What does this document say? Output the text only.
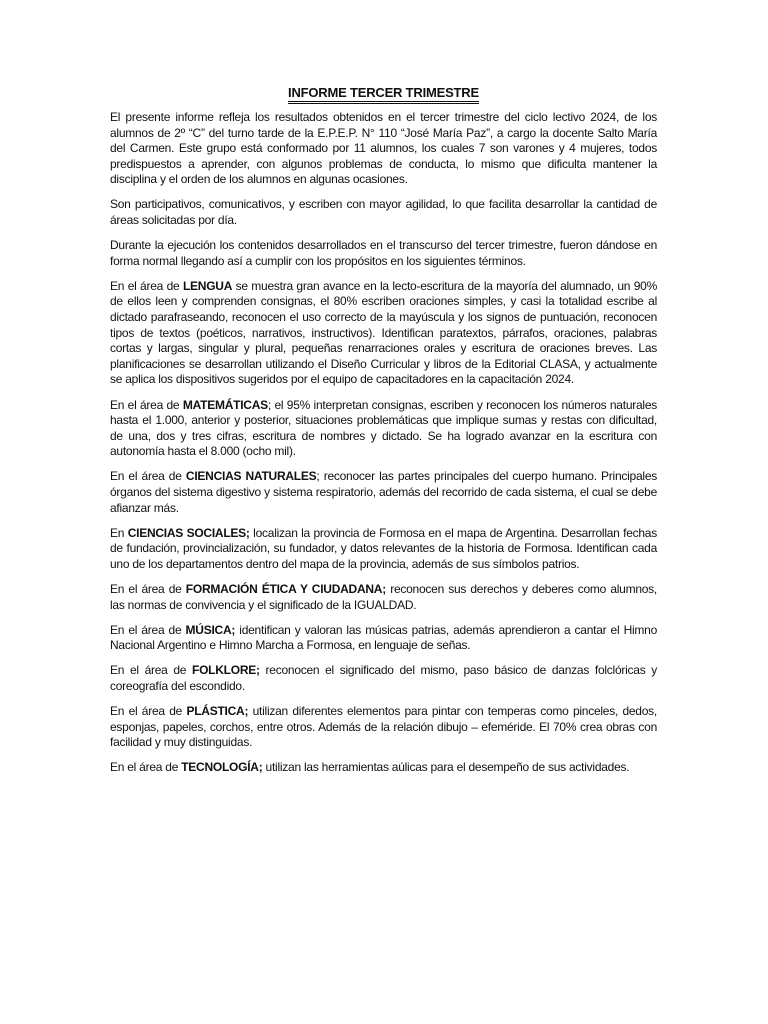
INFORME TERCER TRIMESTRE

El presente informe refleja los resultados obtenidos en el tercer trimestre del ciclo lectivo 2024, de los alumnos de 2º “C” del turno tarde de la E.P.E.P. N° 110 “José María Paz”, a cargo la docente Salto María del Carmen. Este grupo está conformado por 11 alumnos, los cuales 7 son varones y 4 mujeres, todos predispuestos a aprender, con algunos problemas de conducta, lo mismo que dificulta mantener la disciplina y el orden de los alumnos en algunas ocasiones.

Son participativos, comunicativos, y escriben con mayor agilidad, lo que facilita desarrollar la cantidad de áreas solicitadas por día.

Durante la ejecución los contenidos desarrollados en el transcurso del tercer trimestre, fueron dándose en forma normal llegando así a cumplir con los propósitos en los siguientes términos.

En el área de LENGUA se muestra gran avance en la lecto-escritura de la mayoría del alumnado, un 90% de ellos leen y comprenden consignas, el 80% escriben oraciones simples, y casi la totalidad escribe al dictado parafraseando, reconocen el uso correcto de la mayúscula y los signos de puntuación, reconocen tipos de textos (poéticos, narrativos, instructivos). Identifican paratextos, párrafos, oraciones, palabras cortas y largas, singular y plural, pequeñas renarraciones orales y escritura de oraciones breves. Las planificaciones se desarrollan utilizando el Diseño Curricular y libros de la Editorial CLASA, y actualmente se aplica los dispositivos sugeridos por el equipo de capacitadores en la capacitación 2024.

En el área de MATEMÁTICAS; el 95% interpretan consignas, escriben y reconocen los números naturales hasta el 1.000, anterior y posterior, situaciones problemáticas que implique sumas y restas con dificultad, de una, dos y tres cifras, escritura de nombres y dictado. Se ha logrado avanzar en la escritura con autonomía hasta el 8.000 (ocho mil).

En el área de CIENCIAS NATURALES; reconocer las partes principales del cuerpo humano. Principales órganos del sistema digestivo y sistema respiratorio, además del recorrido de cada sistema, el cual se debe afianzar más.

En CIENCIAS SOCIALES; localizan la provincia de Formosa en el mapa de Argentina. Desarrollan fechas de fundación, provincialización, su fundador, y datos relevantes de la historia de Formosa. Identifican cada uno de los departamentos dentro del mapa de la provincia, además de sus símbolos patrios.

En el área de FORMACIÓN ÉTICA Y CIUDADANA; reconocen sus derechos y deberes como alumnos, las normas de convivencia y el significado de la IGUALDAD.

En el área de MÚSICA; identifican y valoran las músicas patrias, además aprendieron a cantar el Himno Nacional Argentino e Himno Marcha a Formosa, en lenguaje de señas.

En el área de FOLKLORE; reconocen el significado del mismo, paso básico de danzas folclóricas y coreografía del escondido.

En el área de PLÁSTICA; utilizan diferentes elementos para pintar con temperas como pinceles, dedos, esponjas, papeles, corchos, entre otros. Además de la relación dibujo – efeméride. El 70% crea obras con facilidad y muy distinguidas.

En el área de TECNOLOGÍA; utilizan las herramientas aúlicas para el desempeño de sus actividades.
